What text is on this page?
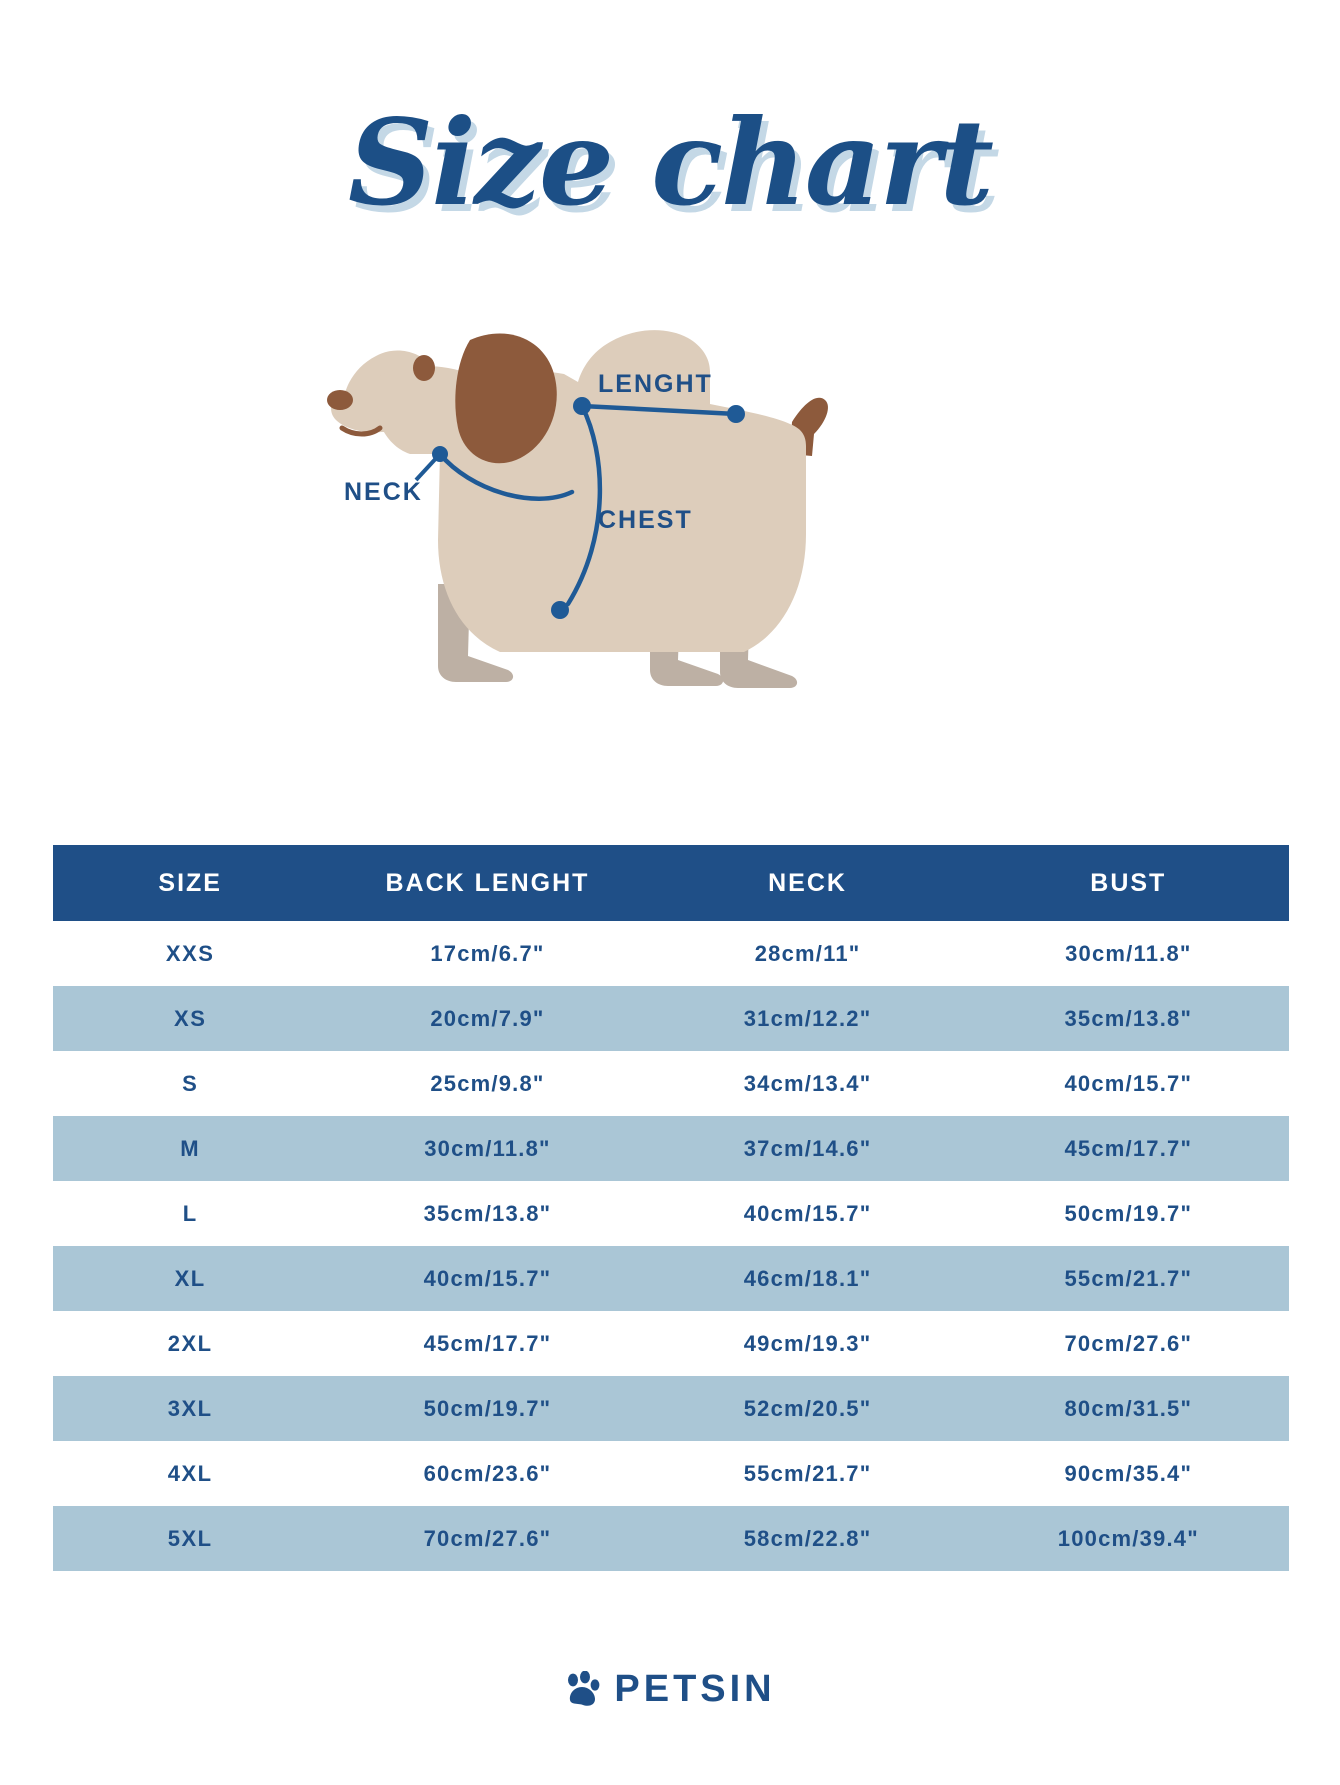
Size chart
NECK
CHEST
LENGHT
SIZE	BACK LENGHT	NECK	BUST
XXS	17cm/6.7"	28cm/11"	30cm/11.8"
XS	20cm/7.9"	31cm/12.2"	35cm/13.8"
S	25cm/9.8"	34cm/13.4"	40cm/15.7"
M	30cm/11.8"	37cm/14.6"	45cm/17.7"
L	35cm/13.8"	40cm/15.7"	50cm/19.7"
XL	40cm/15.7"	46cm/18.1"	55cm/21.7"
2XL	45cm/17.7"	49cm/19.3"	70cm/27.6"
3XL	50cm/19.7"	52cm/20.5"	80cm/31.5"
4XL	60cm/23.6"	55cm/21.7"	90cm/35.4"
5XL	70cm/27.6"	58cm/22.8"	100cm/39.4"
PETSIN
